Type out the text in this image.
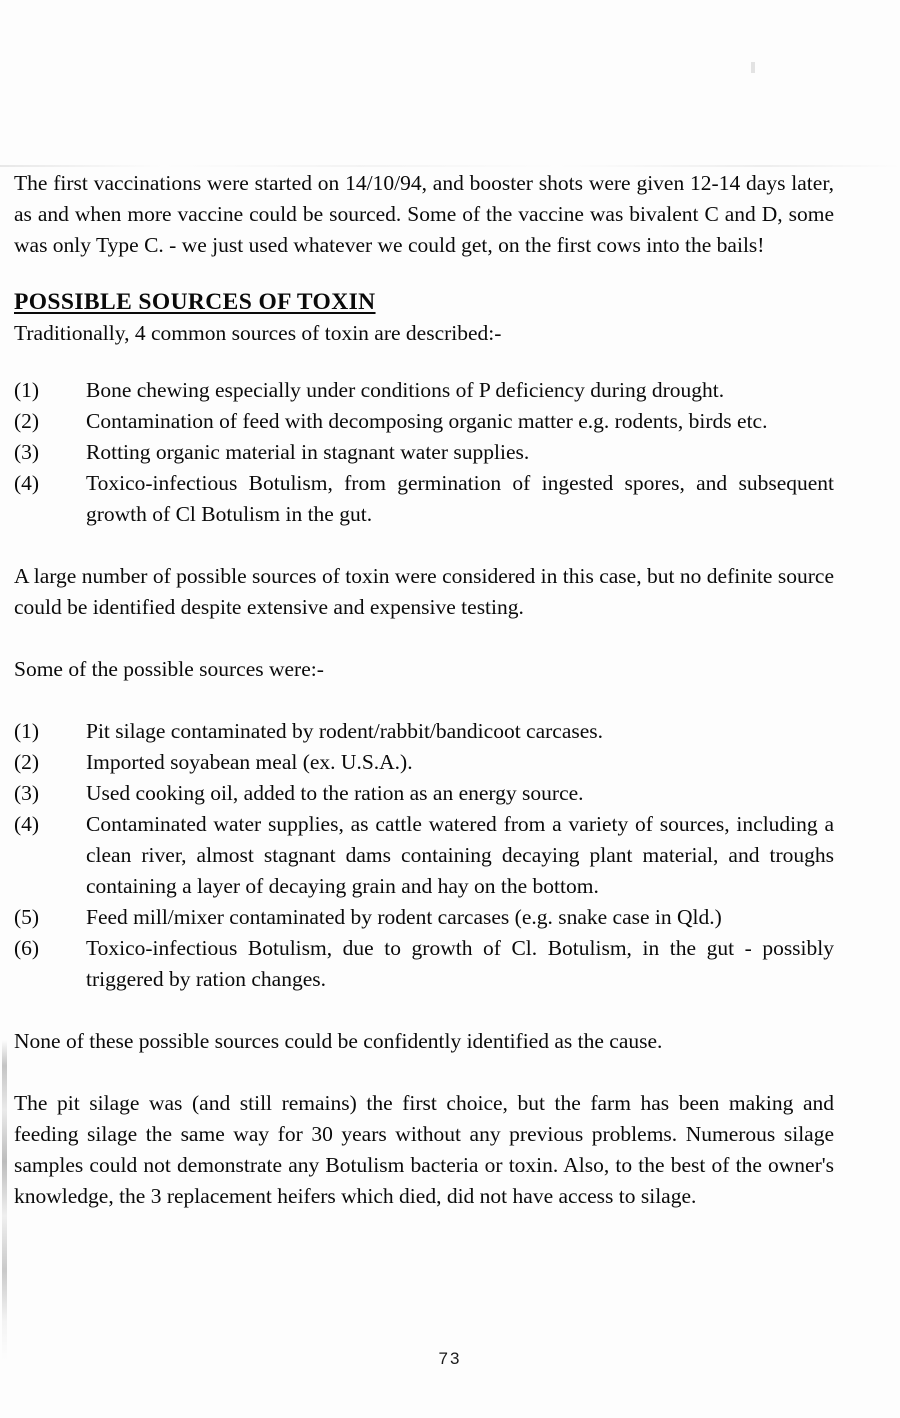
The first vaccinations were started on 14/10/94, and booster shots were given 12-14 days later, as and when more vaccine could be sourced. Some of the vaccine was bivalent C and D, some was only Type C. - we just used whatever we could get, on the first cows into the bails!

POSSIBLE SOURCES OF TOXIN

Traditionally, 4 common sources of toxin are described:-

(1)	Bone chewing especially under conditions of P deficiency during drought.
(2)	Contamination of feed with decomposing organic matter e.g. rodents, birds etc.
(3)	Rotting organic material in stagnant water supplies.
(4)	Toxico-infectious Botulism, from germination of ingested spores, and subsequent growth of Cl Botulism in the gut.

A large number of possible sources of toxin were considered in this case, but no definite source could be identified despite extensive and expensive testing.

Some of the possible sources were:-

(1)	Pit silage contaminated by rodent/rabbit/bandicoot carcases.
(2)	Imported soyabean meal (ex. U.S.A.).
(3)	Used cooking oil, added to the ration as an energy source.
(4)	Contaminated water supplies, as cattle watered from a variety of sources, including a clean river, almost stagnant dams containing decaying plant material, and troughs containing a layer of decaying grain and hay on the bottom.
(5)	Feed mill/mixer contaminated by rodent carcases (e.g. snake case in Qld.)
(6)	Toxico-infectious Botulism, due to growth of Cl. Botulism, in the gut - possibly triggered by ration changes.

None of these possible sources could be confidently identified as the cause.

The pit silage was (and still remains) the first choice, but the farm has been making and feeding silage the same way for 30 years without any previous problems. Numerous silage samples could not demonstrate any Botulism bacteria or toxin. Also, to the best of the owner's knowledge, the 3 replacement heifers which died, did not have access to silage.

73
